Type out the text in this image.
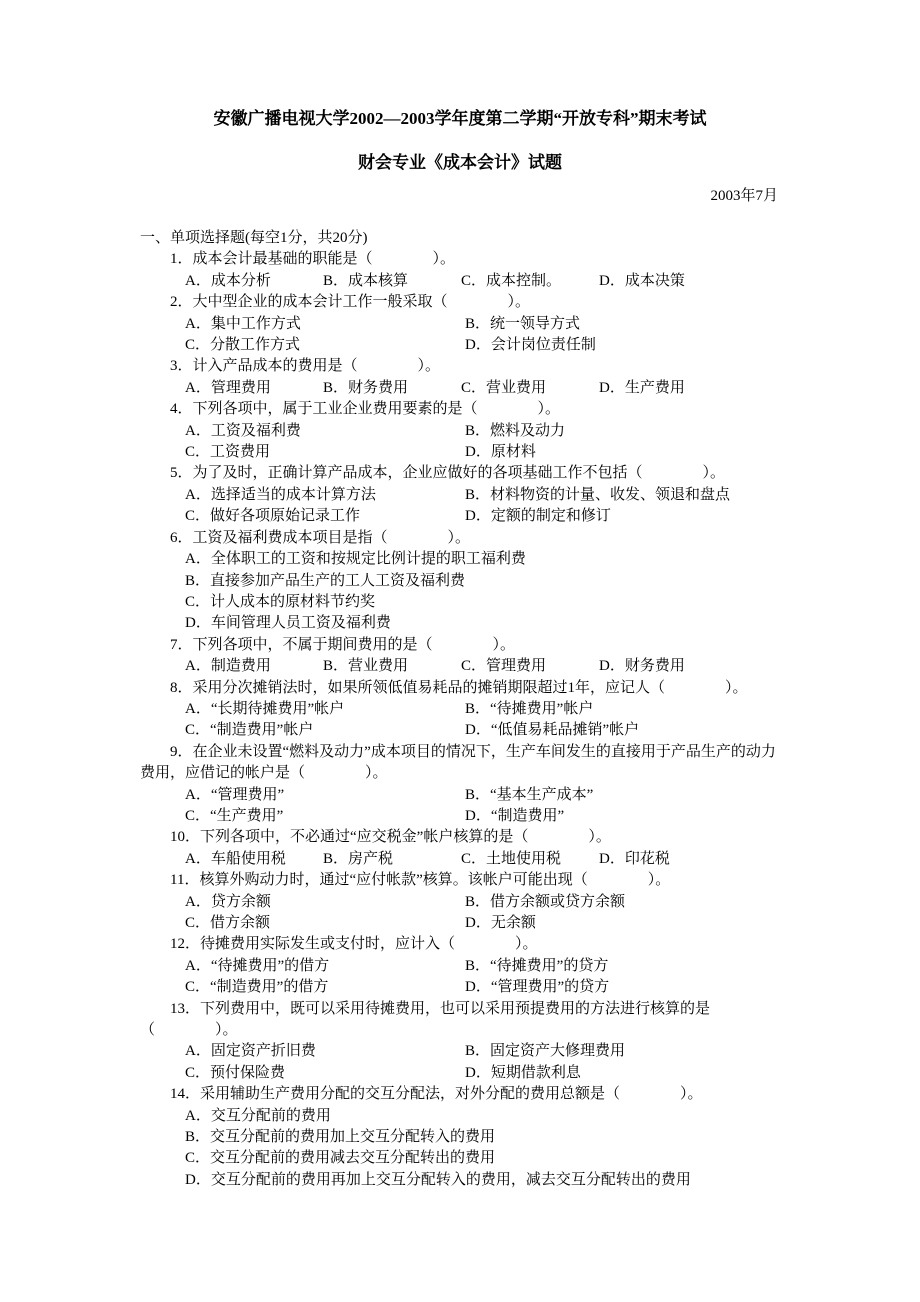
安徽广播电视大学2002—2003学年度第二学期“开放专科”期末考试
财会专业《成本会计》试题
2003年7月
一、单项选择题(每空1分，共20分)

1．成本会计最基础的职能是（　　　　）。

A．成本分析	B．成本核算	C．成本控制。	D．成本决策

2．大中型企业的成本会计工作一般采取（　　　　）。

A．集中工作方式	B．统一领导方式
C．分散工作方式	D．会计岗位责任制

3．计入产品成本的费用是（　　　　）。

A．管理费用	B．财务费用	C．营业费用	D．生产费用

4．下列各项中，属于工业企业费用要素的是（　　　　）。

A．工资及福利费	B．燃料及动力
C．工资费用	D．原材料

5．为了及时，正确计算产品成本，企业应做好的各项基础工作不包括（　　　　）。

A．选择适当的成本计算方法	B．材料物资的计量、收发、领退和盘点
C．做好各项原始记录工作	D．定额的制定和修订

6．工资及福利费成本项目是指（　　　　）。

A．全体职工的工资和按规定比例计提的职工福利费
B．直接参加产品生产的工人工资及福利费
C．计人成本的原材料节约奖
D．车间管理人员工资及福利费

7．下列各项中，不属于期间费用的是（　　　　）。

A．制造费用	B．营业费用	C．管理费用	D．财务费用

8．采用分次摊销法时，如果所领低值易耗品的摊销期限超过1年，应记人（　　　　）。

A．“长期待摊费用”帐户	B．“待摊费用”帐户
C．“制造费用”帐户	D．“低值易耗品摊销”帐户

9．在企业未设置“燃料及动力”成本项目的情况下，生产车间发生的直接用于产品生产的动力费用，应借记的帐户是（　　　　）。

A．“管理费用”	B．“基本生产成本”
C．“生产费用”	D．“制造费用”

10．下列各项中，不必通过“应交税金”帐户核算的是（　　　　）。

A．车船使用税 B．房产税	C．土地使用税	D．印花税

11．核算外购动力时，通过“应付帐款”核算。该帐户可能出现（　　　　）。

A．贷方余额	B．借方余额或贷方余额
C．借方余额	D．无余额

12．待摊费用实际发生或支付时，应计入（　　　　）。

A．“待摊费用”的借方	B．“待摊费用”的贷方
C．“制造费用”的借方	D．“管理费用”的贷方

13．下列费用中，既可以采用待摊费用，也可以采用预提费用的方法进行核算的是（　　　　）。

A．固定资产折旧费	B．固定资产大修理费用
C．预付保险费	D．短期借款利息

14．采用辅助生产费用分配的交互分配法，对外分配的费用总额是（　　　　）。

A．交互分配前的费用
B．交互分配前的费用加上交互分配转入的费用
C．交互分配前的费用减去交互分配转出的费用
D．交互分配前的费用再加上交互分配转入的费用，减去交互分配转出的费用
